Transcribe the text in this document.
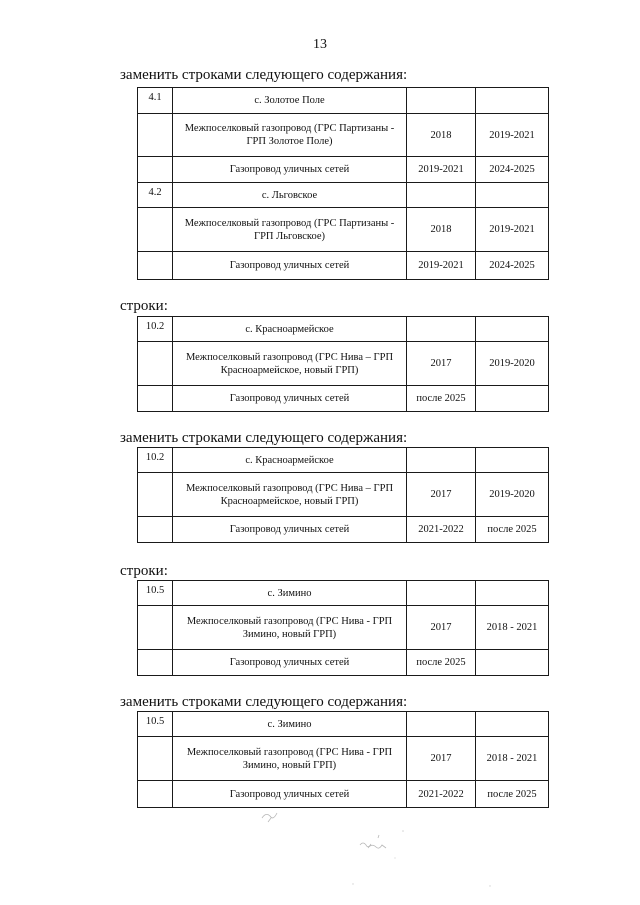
13
заменить строками следующего содержания:
4.1	с. Золотое Поле		
	Межпоселковый газопровод (ГРС Партизаны - ГРП Золотое Поле)	2018	2019-2021
	Газопровод уличных сетей	2019-2021	2024-2025
4.2	с. Льговское		
	Межпоселковый газопровод (ГРС Партизаны - ГРП Льговское)	2018	2019-2021
	Газопровод уличных сетей	2019-2021	2024-2025
строки:
10.2	с. Красноармейское		
	Межпоселковый газопровод (ГРС Нива – ГРП Красноармейское, новый ГРП)	2017	2019-2020
	Газопровод уличных сетей	после 2025	
заменить строками следующего содержания:
10.2	с. Красноармейское		
	Межпоселковый газопровод (ГРС Нива – ГРП Красноармейское, новый ГРП)	2017	2019-2020
	Газопровод уличных сетей	2021-2022	после 2025
строки:
10.5	с. Зимино		
	Межпоселковый газопровод (ГРС Нива - ГРП Зимино, новый ГРП)	2017	2018 - 2021
	Газопровод уличных сетей	после 2025	
заменить строками следующего содержания:
10.5	с. Зимино		
	Межпоселковый газопровод (ГРС Нива - ГРП Зимино, новый ГРП)	2017	2018 - 2021
	Газопровод уличных сетей	2021-2022	после 2025
